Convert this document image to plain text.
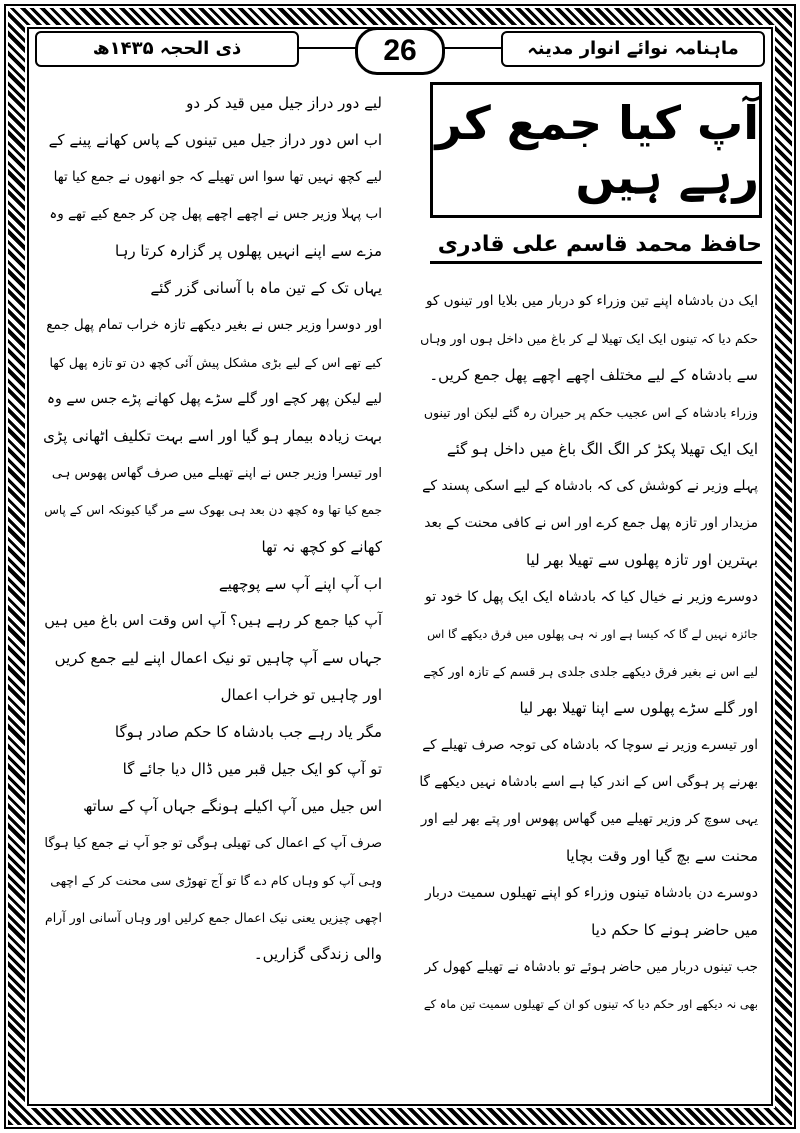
ذی الحجہ ۱۴۳۵ھ	26	ماہنامہ نوائے انوار مدینہ
آپ کیا جمع کر رہے ہیں
حافظ محمد قاسم علی قادری
ایک دن بادشاہ اپنے تین وزراء کو دربار میں بلایا اور تینوں کو
حکم دیا کہ تینوں ایک ایک تھیلا لے کر باغ میں داخل ہوں اور وہاں
سے بادشاہ کے لیے مختلف اچھے اچھے پھل جمع کریں۔
وزراء بادشاہ کے اس عجیب حکم پر حیران رہ گئے لیکن اور تینوں
ایک ایک تھیلا پکڑ کر الگ الگ باغ میں داخل ہو گئے
پہلے وزیر نے کوشش کی کہ بادشاہ کے لیے اسکی پسند کے
مزیدار اور تازہ پھل جمع کرے اور اس نے کافی محنت کے بعد
بہترین اور تازہ پھلوں سے تھیلا بھر لیا
دوسرے وزیر نے خیال کیا کہ بادشاہ ایک ایک پھل کا خود تو
جائزہ نہیں لے گا کہ کیسا ہے اور نہ ہی پھلوں میں فرق دیکھے گا اس
لیے اس نے بغیر فرق دیکھے جلدی جلدی ہر قسم کے تازہ اور کچے
اور گلے سڑے پھلوں سے اپنا تھیلا بھر لیا
اور تیسرے وزیر نے سوچا کہ بادشاہ کی توجہ صرف تھیلے کے
بھرنے پر ہوگی اس کے اندر کیا ہے اسے بادشاہ نہیں دیکھے گا
یہی سوچ کر وزیر تھیلے میں گھاس پھوس اور پتے بھر لیے اور
محنت سے بچ گیا اور وقت بچایا
دوسرے دن بادشاہ تینوں وزراء کو اپنے تھیلوں سمیت دربار
میں حاضر ہونے کا حکم دیا
جب تینوں دربار میں حاضر ہوئے تو بادشاہ نے تھیلے کھول کر
بھی نہ دیکھے اور حکم دیا کہ تینوں کو ان کے تھیلوں سمیت تین ماہ کے
لیے دور دراز جیل میں قید کر دو
اب اس دور دراز جیل میں تینوں کے پاس کھانے پینے کے
لیے کچھ نہیں تھا سوا اس تھیلے کہ جو انھوں نے جمع کیا تھا
اب پہلا وزیر جس نے اچھے اچھے پھل چن کر جمع کیے تھے وہ
مزے سے اپنے انہیں پھلوں پر گزارہ کرتا رہا
یہاں تک کے تین ماہ با آسانی گزر گئے
اور دوسرا وزیر جس نے بغیر دیکھے تازہ خراب تمام پھل جمع
کیے تھے اس کے لیے بڑی مشکل پیش آئی کچھ دن تو تازہ پھل کھا
لیے لیکن پھر کچے اور گلے سڑے پھل کھانے پڑے جس سے وہ
بہت زیادہ بیمار ہو گیا اور اسے بہت تکلیف اٹھانی پڑی
اور تیسرا وزیر جس نے اپنے تھیلے میں صرف گھاس پھوس ہی
جمع کیا تھا وہ کچھ دن بعد ہی بھوک سے مر گیا کیونکہ اس کے پاس
کھانے کو کچھ نہ تھا
اب آپ اپنے آپ سے پوچھیے
آپ کیا جمع کر رہے ہیں؟ آپ اس وقت اس باغ میں ہیں
جہاں سے آپ چاہیں تو نیک اعمال اپنے لیے جمع کریں
اور چاہیں تو خراب اعمال
مگر یاد رہے جب بادشاہ کا حکم صادر ہوگا
تو آپ کو ایک جیل قبر میں ڈال دیا جائے گا
اس جیل میں آپ اکیلے ہونگے جہاں آپ کے ساتھ
صرف آپ کے اعمال کی تھیلی ہوگی تو جو آپ نے جمع کیا ہوگا
وہی آپ کو وہاں کام دے گا تو آج تھوڑی سی محنت کر کے اچھی
اچھی چیزیں یعنی نیک اعمال جمع کرلیں اور وہاں آسانی اور آرام
والی زندگی گزاریں۔
